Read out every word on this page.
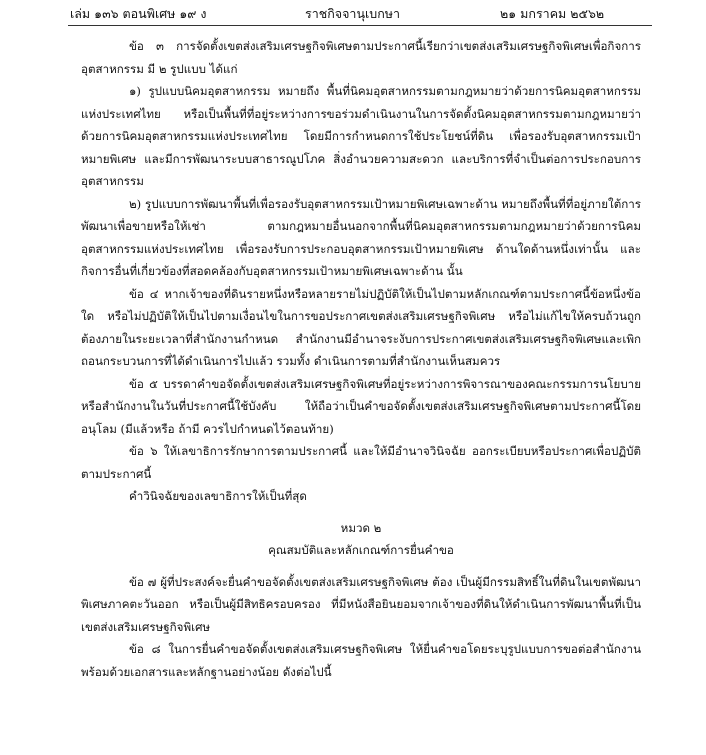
เล่ม ๑๓๖ ตอนพิเศษ ๑๙ ง	ราชกิจจานุเบกษา	๒๑ มกราคม ๒๕๖๒

ข้อ ๓ การจัดตั้งเขตส่งเสริมเศรษฐกิจพิเศษตามประกาศนี้เรียกว่าเขตส่งเสริมเศรษฐกิจพิเศษเพื่อกิจการอุตสาหกรรม มี ๒ รูปแบบ ได้แก่

๑) รูปแบบนิคมอุตสาหกรรม หมายถึง พื้นที่นิคมอุตสาหกรรมตามกฎหมายว่าด้วยการนิคมอุตสาหกรรมแห่งประเทศไทย หรือเป็นพื้นที่ที่อยู่ระหว่างการขอร่วมดำเนินงานในการจัดตั้งนิคมอุตสาหกรรมตามกฎหมายว่าด้วยการนิคมอุตสาหกรรมแห่งประเทศไทย โดยมีการกำหนดการใช้ประโยชน์ที่ดิน เพื่อรองรับอุตสาหกรรมเป้าหมายพิเศษ และมีการพัฒนาระบบสาธารณูปโภค สิ่งอำนวยความสะดวก และบริการที่จำเป็นต่อการประกอบการอุตสาหกรรม

๒) รูปแบบการพัฒนาพื้นที่เพื่อรองรับอุตสาหกรรมเป้าหมายพิเศษเฉพาะด้าน หมายถึงพื้นที่ที่อยู่ภายใต้การพัฒนาเพื่อขายหรือให้เช่า ตามกฎหมายอื่นนอกจากพื้นที่นิคมอุตสาหกรรมตามกฎหมายว่าด้วยการนิคมอุตสาหกรรมแห่งประเทศไทย เพื่อรองรับการประกอบอุตสาหกรรมเป้าหมายพิเศษ ด้านใดด้านหนึ่งเท่านั้น และกิจการอื่นที่เกี่ยวข้องที่สอดคล้องกับอุตสาหกรรมเป้าหมายพิเศษเฉพาะด้าน นั้น

ข้อ ๔ หากเจ้าของที่ดินรายหนึ่งหรือหลายรายไม่ปฏิบัติให้เป็นไปตามหลักเกณฑ์ตามประกาศนี้ข้อหนึ่งข้อใด หรือไม่ปฏิบัติให้เป็นไปตามเงื่อนไขในการขอประกาศเขตส่งเสริมเศรษฐกิจพิเศษ หรือไม่แก้ไขให้ครบถ้วนถูกต้องภายในระยะเวลาที่สำนักงานกำหนด สำนักงานมีอำนาจระงับการประกาศเขตส่งเสริมเศรษฐกิจพิเศษและเพิกถอนกระบวนการที่ได้ดำเนินการไปแล้ว รวมทั้ง ดำเนินการตามที่สำนักงานเห็นสมควร

ข้อ ๕ บรรดาคำขอจัดตั้งเขตส่งเสริมเศรษฐกิจพิเศษที่อยู่ระหว่างการพิจารณาของคณะกรรมการนโยบายหรือสำนักงานในวันที่ประกาศนี้ใช้บังคับ ให้ถือว่าเป็นคำขอจัดตั้งเขตส่งเสริมเศรษฐกิจพิเศษตามประกาศนี้โดยอนุโลม (มีแล้วหรือ ถ้ามี ควรไปกำหนดไว้ตอนท้าย)

ข้อ ๖ ให้เลขาธิการรักษาการตามประกาศนี้ และให้มีอำนาจวินิจฉัย ออกระเบียบหรือประกาศเพื่อปฏิบัติตามประกาศนี้

คำวินิจฉัยของเลขาธิการให้เป็นที่สุด

หมวด ๒

คุณสมบัติและหลักเกณฑ์การยื่นคำขอ

ข้อ ๗ ผู้ที่ประสงค์จะยื่นคำขอจัดตั้งเขตส่งเสริมเศรษฐกิจพิเศษ ต้อง เป็นผู้มีกรรมสิทธิ์ในที่ดินในเขตพัฒนาพิเศษภาคตะวันออก หรือเป็นผู้มีสิทธิครอบครอง ที่มีหนังสือยินยอมจากเจ้าของที่ดินให้ดำเนินการพัฒนาพื้นที่เป็นเขตส่งเสริมเศรษฐกิจพิเศษ

ข้อ ๘ ในการยื่นคำขอจัดตั้งเขตส่งเสริมเศรษฐกิจพิเศษ ให้ยื่นคำขอโดยระบุรูปแบบการขอต่อสำนักงานพร้อมด้วยเอกสารและหลักฐานอย่างน้อย ดังต่อไปนี้
